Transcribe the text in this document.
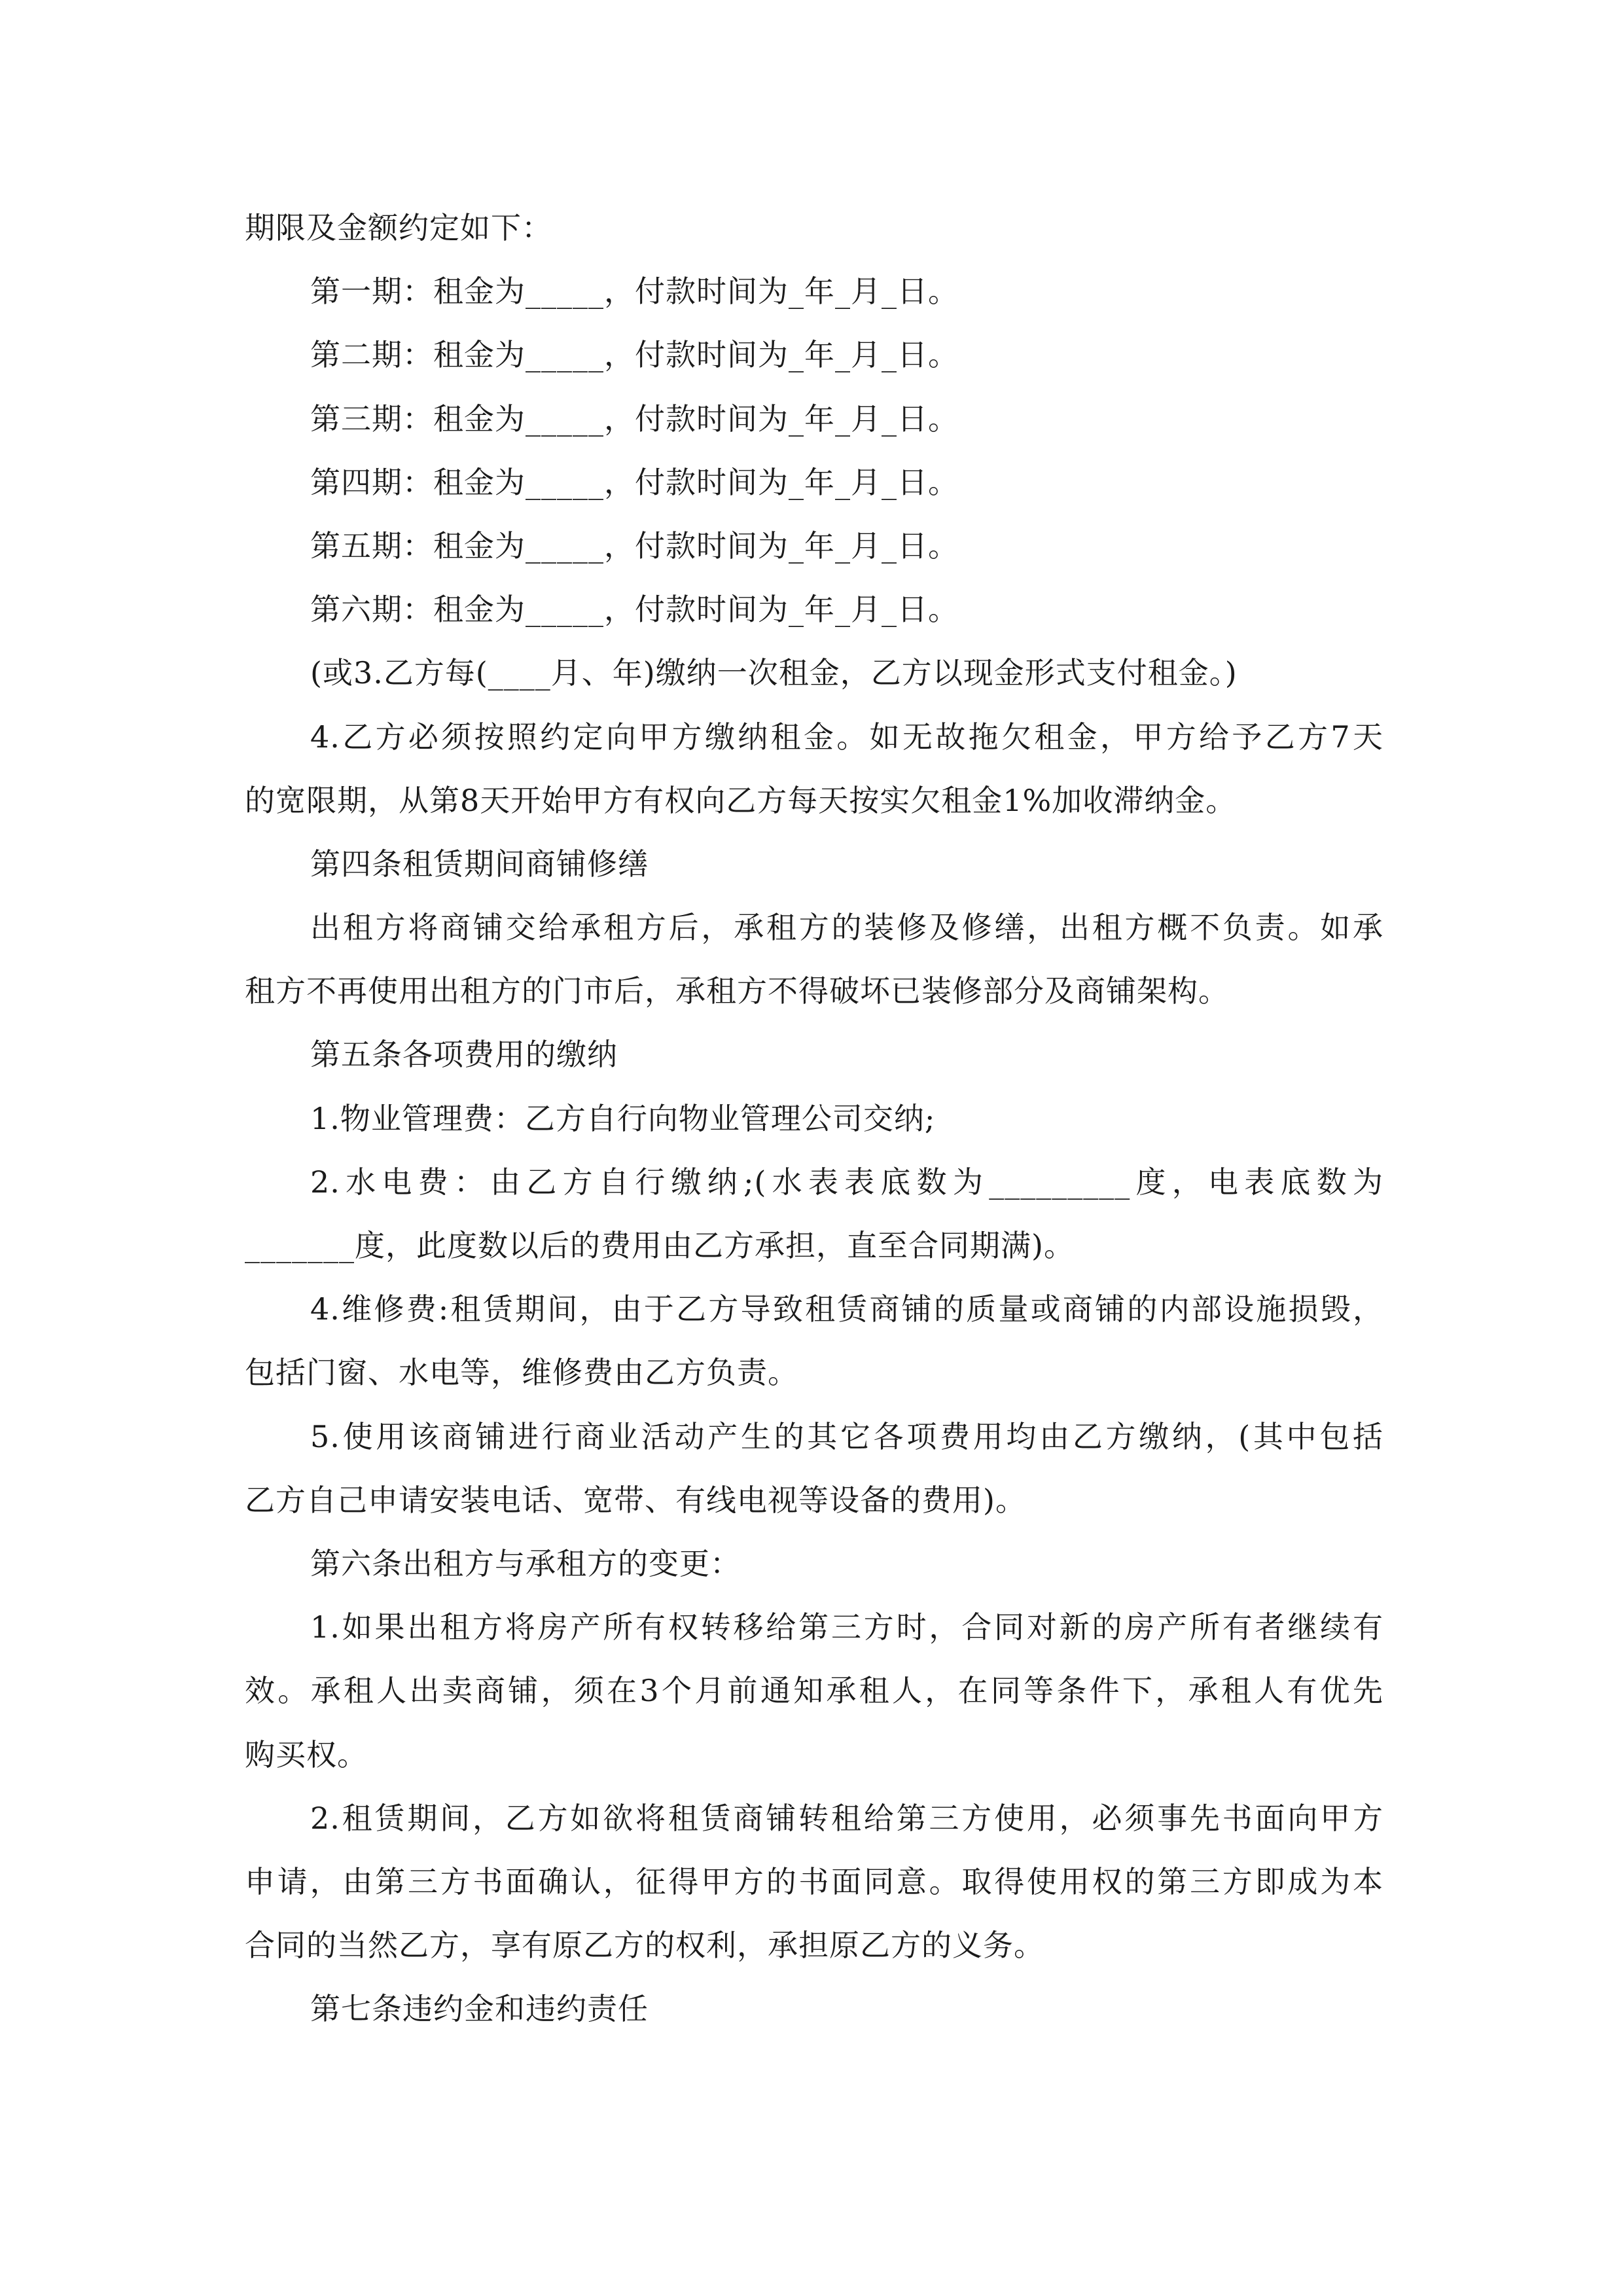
期限及金额约定如下：
第一期：租金为_____，付款时间为_年_月_日。
第二期：租金为_____，付款时间为_年_月_日。
第三期：租金为_____，付款时间为_年_月_日。
第四期：租金为_____，付款时间为_年_月_日。
第五期：租金为_____，付款时间为_年_月_日。
第六期：租金为_____，付款时间为_年_月_日。
(或3.乙方每(____月、年)缴纳一次租金，乙方以现金形式支付租金。)
4.乙方必须按照约定向甲方缴纳租金。如无故拖欠租金，甲方给予乙方7天
的宽限期，从第8天开始甲方有权向乙方每天按实欠租金1%加收滞纳金。
第四条租赁期间商铺修缮
出租方将商铺交给承租方后，承租方的装修及修缮，出租方概不负责。如承
租方不再使用出租方的门市后，承租方不得破坏已装修部分及商铺架构。
第五条各项费用的缴纳
1.物业管理费：乙方自行向物业管理公司交纳;
2.水电费：由乙方自行缴纳;(水表表底数为_________度，电表底数为
_______度，此度数以后的费用由乙方承担，直至合同期满)。
4.维修费:租赁期间，由于乙方导致租赁商铺的质量或商铺的内部设施损毁，
包括门窗、水电等，维修费由乙方负责。
5.使用该商铺进行商业活动产生的其它各项费用均由乙方缴纳，(其中包括
乙方自己申请安装电话、宽带、有线电视等设备的费用)。
第六条出租方与承租方的变更：
1.如果出租方将房产所有权转移给第三方时，合同对新的房产所有者继续有
效。承租人出卖商铺，须在3个月前通知承租人，在同等条件下，承租人有优先
购买权。
2.租赁期间，乙方如欲将租赁商铺转租给第三方使用，必须事先书面向甲方
申请，由第三方书面确认，征得甲方的书面同意。取得使用权的第三方即成为本
合同的当然乙方，享有原乙方的权利，承担原乙方的义务。
第七条违约金和违约责任
